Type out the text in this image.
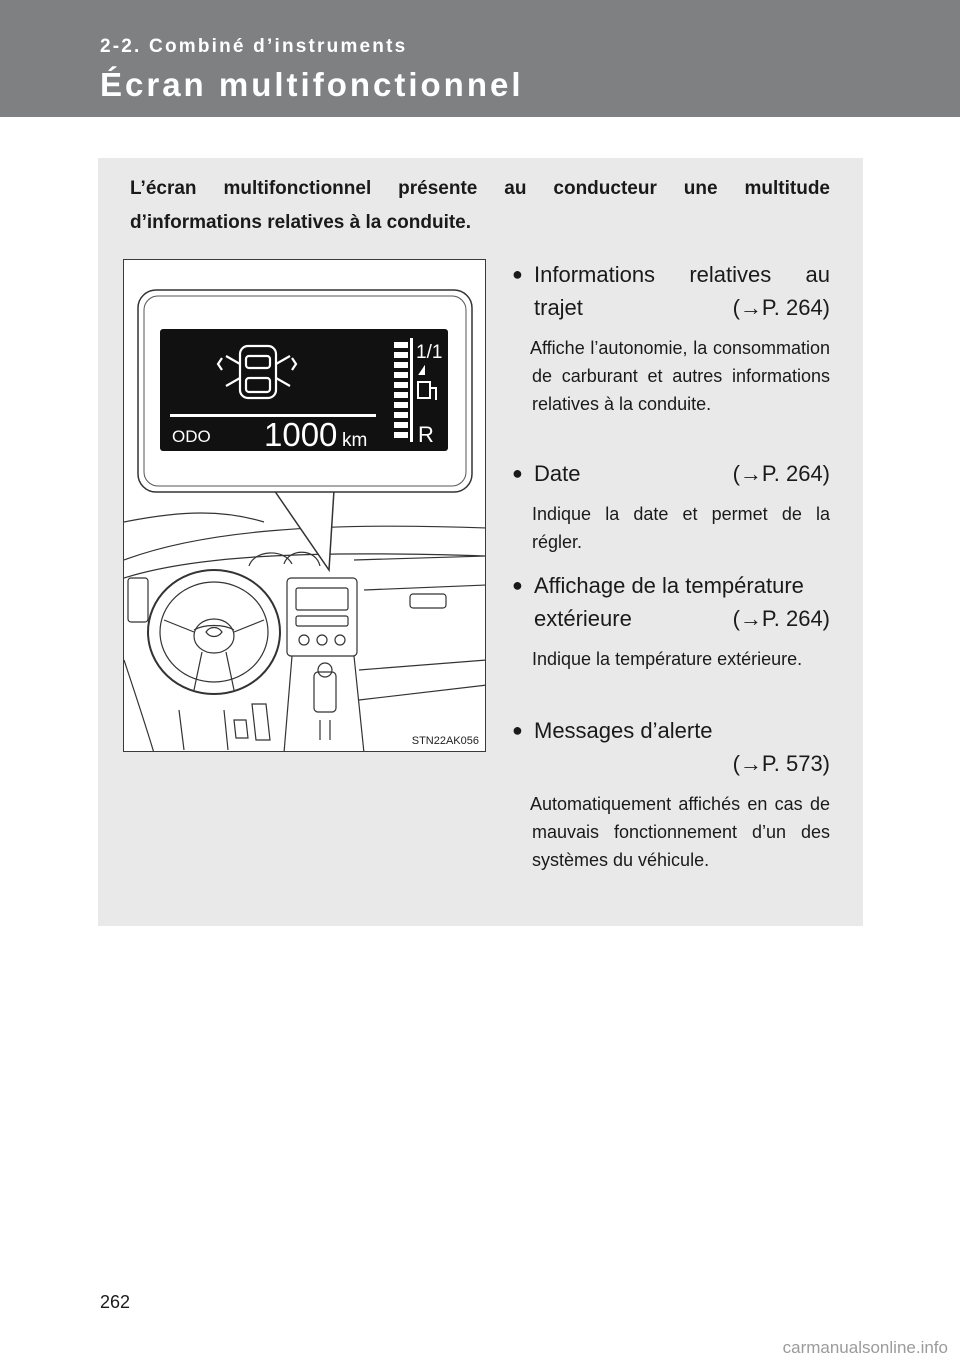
2-2. Combiné d’instruments
Écran multifonctionnel
L’écran multifonctionnel présente au conducteur une multitude
d’informations relatives à la conduite.
1/1
R
ODO 1000 km
STN22AK056
● Informations relatives au
trajet	(→P. 264)
Affiche l’autonomie, la consommation de carburant et autres informations relatives à la conduite.
● Date	(→P. 264)
Indique la date et permet de la régler.
● Affichage de la température
extérieure	(→P. 264)
Indique la température extérieure.
● Messages d’alerte
(→P. 573)
Automatiquement affichés en cas de mauvais fonctionnement d’un des systèmes du véhicule.
262
carmanualsonline.info
